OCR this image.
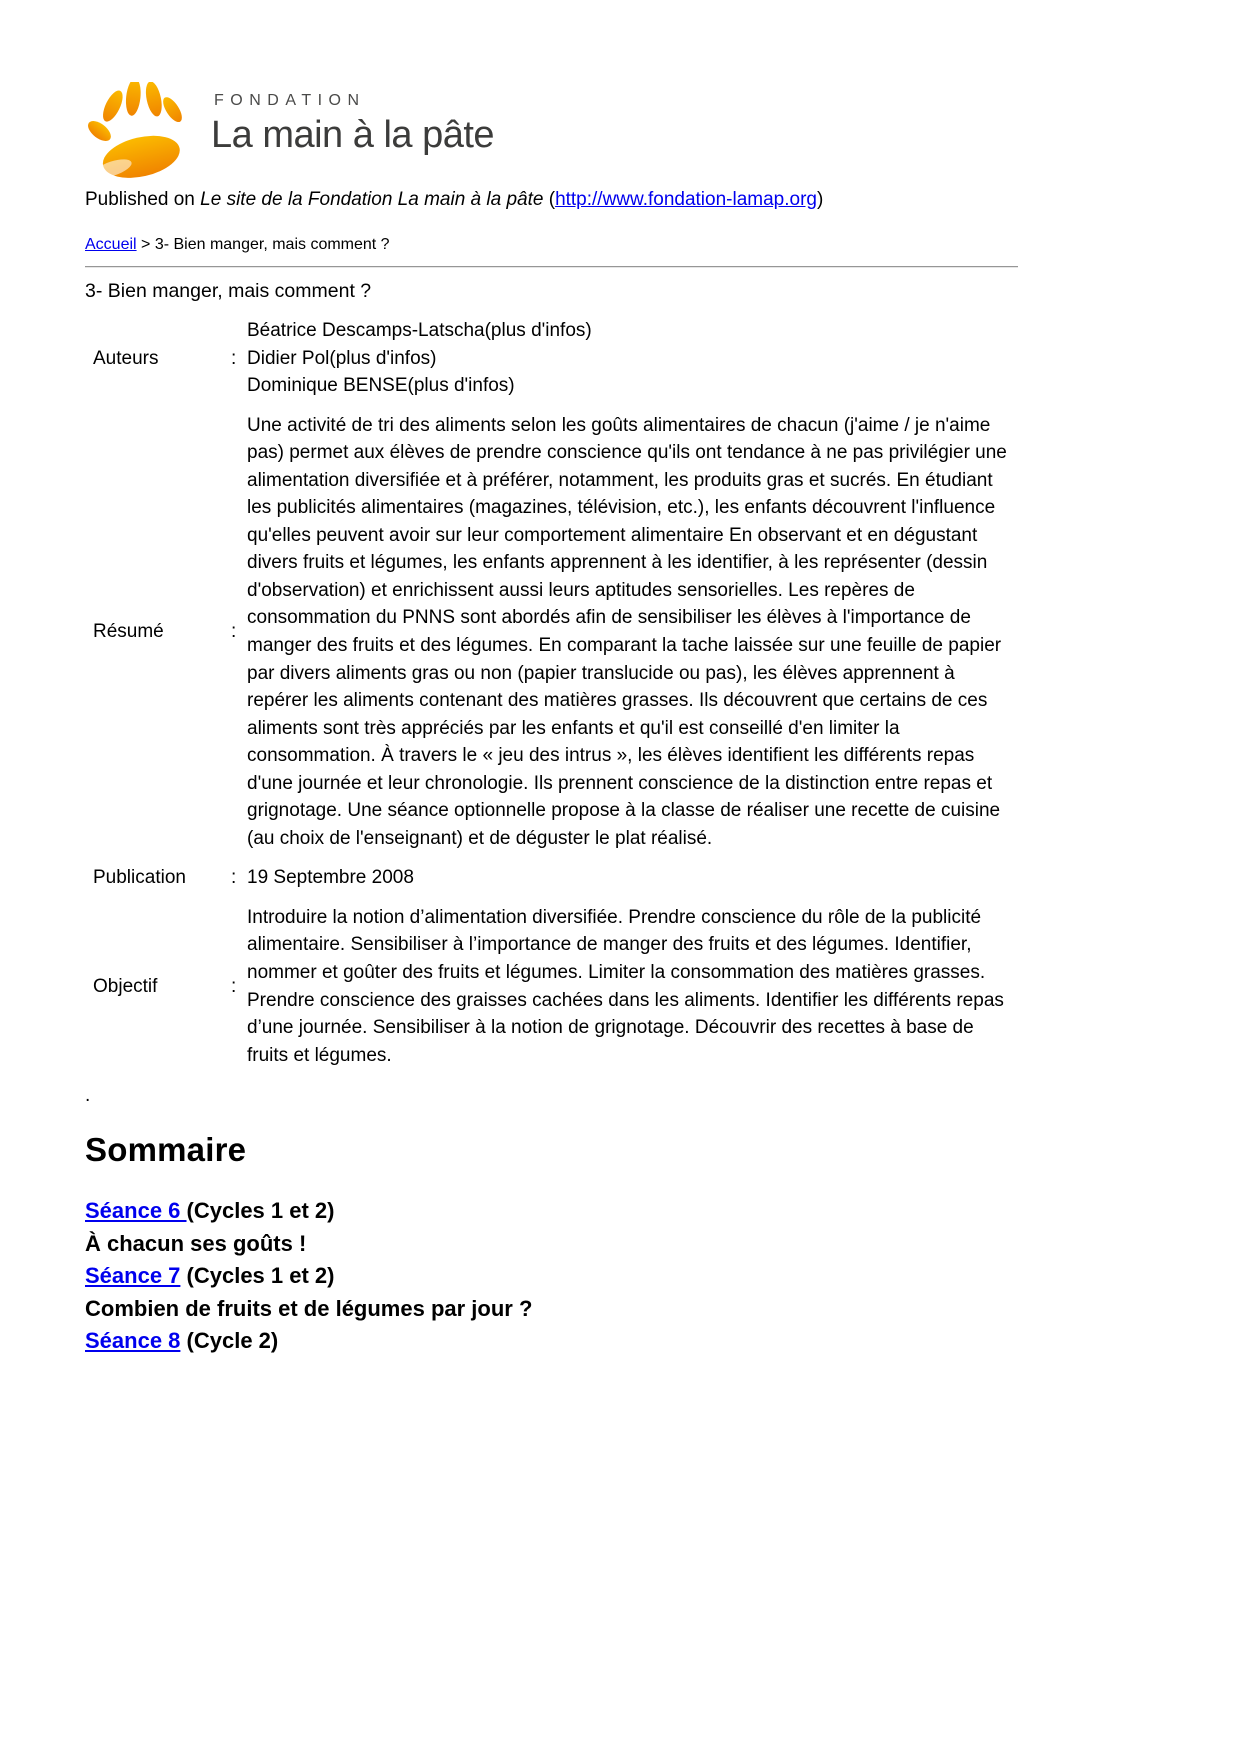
FONDATION
La main à la pâte
Published on Le site de la Fondation La main à la pâte (http://www.fondation-lamap.org)
Accueil > 3- Bien manger, mais comment ?
3- Bien manger, mais comment ?
Auteurs	:
Béatrice Descamps-Latscha(plus d'infos)
Didier Pol(plus d'infos)
Dominique BENSE(plus d'infos)
Résumé	:
Une activité de tri des aliments selon les goûts alimentaires de chacun (j'aime / je n'aime pas) permet aux élèves de prendre conscience qu'ils ont tendance à ne pas privilégier une alimentation diversifiée et à préférer, notamment, les produits gras et sucrés. En étudiant les publicités alimentaires (magazines, télévision, etc.), les enfants découvrent l'influence qu'elles peuvent avoir sur leur comportement alimentaire En observant et en dégustant divers fruits et légumes, les enfants apprennent à les identifier, à les représenter (dessin d'observation) et enrichissent aussi leurs aptitudes sensorielles. Les repères de consommation du PNNS sont abordés afin de sensibiliser les élèves à l'importance de manger des fruits et des légumes. En comparant la tache laissée sur une feuille de papier par divers aliments gras ou non (papier translucide ou pas), les élèves apprennent à repérer les aliments contenant des matières grasses. Ils découvrent que certains de ces aliments sont très appréciés par les enfants et qu'il est conseillé d'en limiter la consommation. À travers le « jeu des intrus », les élèves identifient les différents repas d'une journée et leur chronologie. Ils prennent conscience de la distinction entre repas et grignotage. Une séance optionnelle propose à la classe de réaliser une recette de cuisine (au choix de l'enseignant) et de déguster le plat réalisé.
Publication	: 19 Septembre 2008
Objectif	:
Introduire la notion d’alimentation diversifiée. Prendre conscience du rôle de la publicité alimentaire. Sensibiliser à l’importance de manger des fruits et des légumes. Identifier, nommer et goûter des fruits et légumes. Limiter la consommation des matières grasses. Prendre conscience des graisses cachées dans les aliments. Identifier les différents repas d’une journée. Sensibiliser à la notion de grignotage. Découvrir des recettes à base de fruits et légumes.
.
Sommaire
Séance 6 (Cycles 1 et 2)
À chacun ses goûts !
Séance 7 (Cycles 1 et 2)
Combien de fruits et de légumes par jour ?
Séance 8 (Cycle 2)
